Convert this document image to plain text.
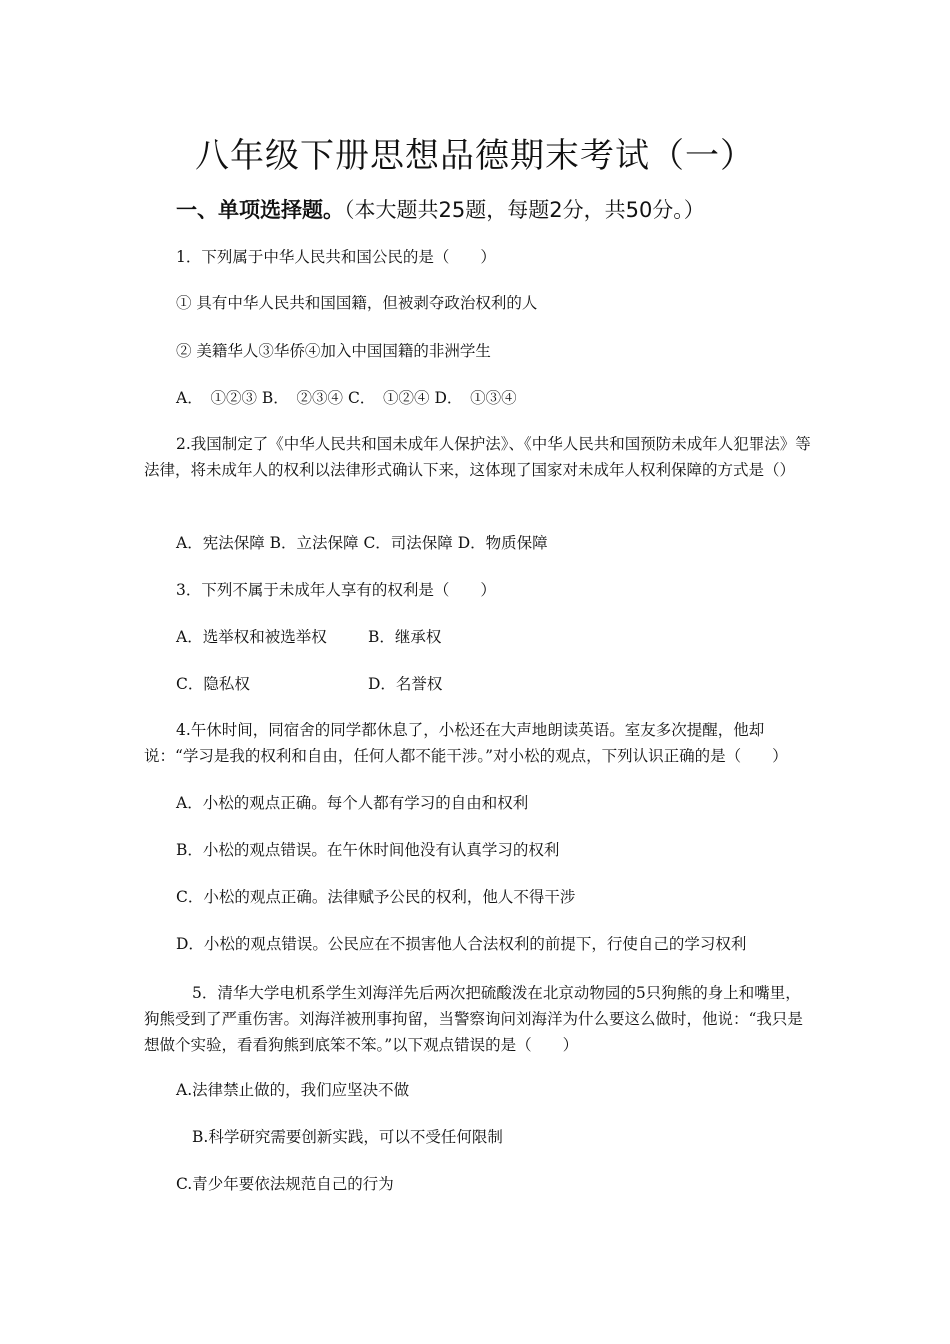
八年级下册思想品德期末考试（一）
一、单项选择题。（本大题共25题，每题2分，共50分。）
1．下列属于中华人民共和国公民的是（　　）
① 具有中华人民共和国国籍，但被剥夺政治权利的人
② 美籍华人③华侨④加入中国国籍的非洲学生
A．　①②③ B．　②③④ C．　①②④ D．　①③④
2.我国制定了《中华人民共和国未成年人保护法》、《中华人民共和国预防未成年人犯罪法》等法律，将未成年人的权利以法律形式确认下来，这体现了国家对未成年人权利保障的方式是（）
A．宪法保障 B．立法保障 C．司法保障 D．物质保障
3．下列不属于未成年人享有的权利是（　　）
A．选举权和被选举权	B．继承权
C．隐私权	D．名誉权
4.午休时间，同宿舍的同学都休息了，小松还在大声地朗读英语。室友多次提醒，他却说：“学习是我的权利和自由，任何人都不能干涉。”对小松的观点，下列认识正确的是（　　）
A．小松的观点正确。每个人都有学习的自由和权利
B．小松的观点错误。在午休时间他没有认真学习的权利
C．小松的观点正确。法律赋予公民的权利，他人不得干涉
D．小松的观点错误。公民应在不损害他人合法权利的前提下，行使自己的学习权利
5．清华大学电机系学生刘海洋先后两次把硫酸泼在北京动物园的5只狗熊的身上和嘴里，狗熊受到了严重伤害。刘海洋被刑事拘留，当警察询问刘海洋为什么要这么做时，他说：“我只是想做个实验，看看狗熊到底笨不笨。”以下观点错误的是（　　）
A.法律禁止做的，我们应坚决不做
B.科学研究需要创新实践，可以不受任何限制
C.青少年要依法规范自己的行为
